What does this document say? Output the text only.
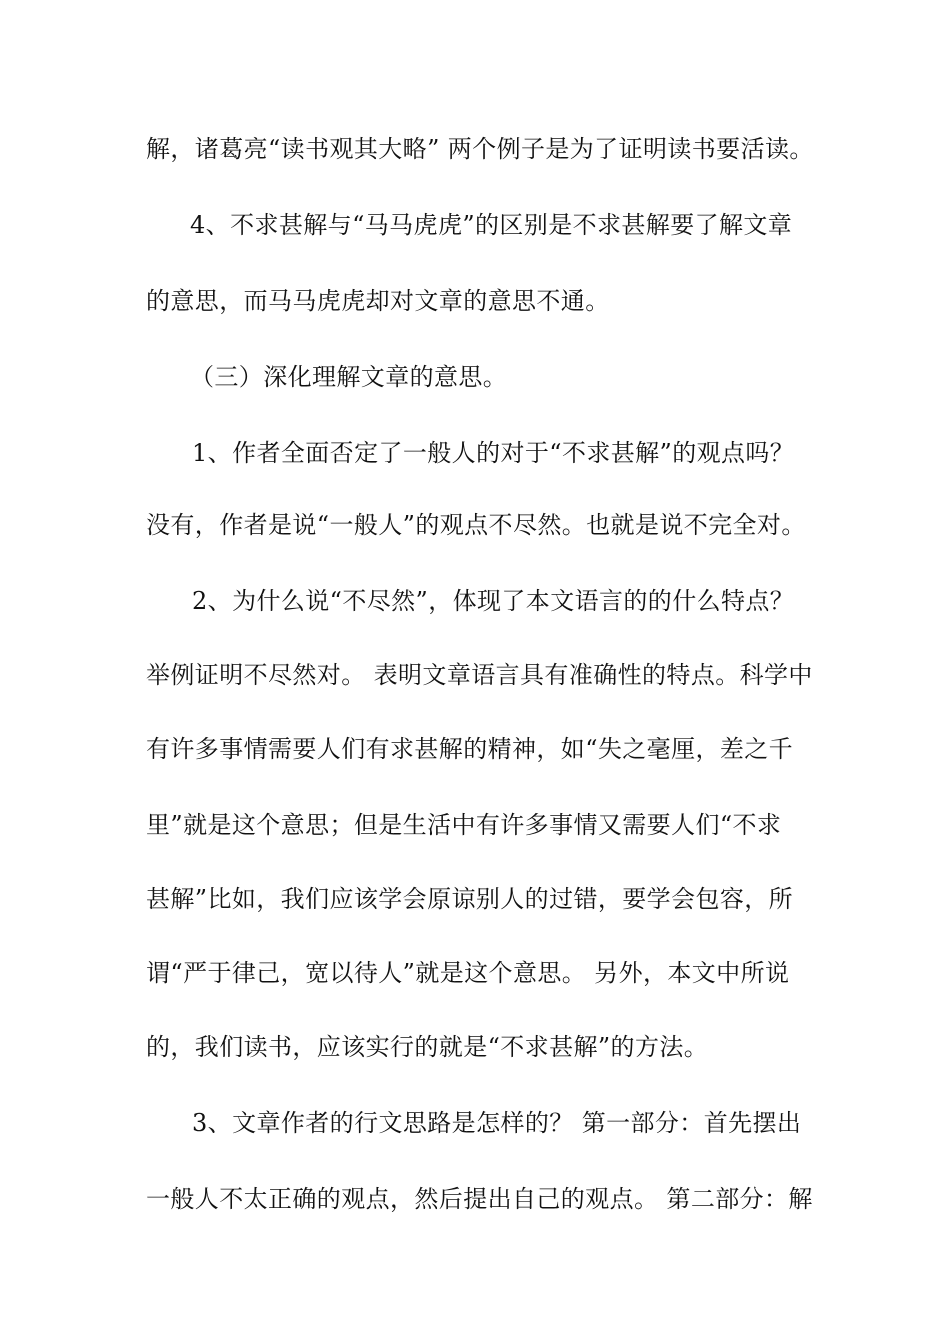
解，诸葛亮“读书观其大略” 两个例子是为了证明读书要活读。
4、不求甚解与“马马虎虎”的区别是不求甚解要了解文章
的意思，而马马虎虎却对文章的意思不通。
（三）深化理解文章的意思。
1、作者全面否定了一般人的对于“不求甚解”的观点吗？
没有，作者是说“一般人”的观点不尽然。也就是说不完全对。
2、为什么说“不尽然”，体现了本文语言的的什么特点？
举例证明不尽然对。 表明文章语言具有准确性的特点。科学中
有许多事情需要人们有求甚解的精神，如“失之毫厘，差之千
里”就是这个意思；但是生活中有许多事情又需要人们“不求
甚解”比如，我们应该学会原谅别人的过错，要学会包容，所
谓“严于律己，宽以待人”就是这个意思。 另外，本文中所说
的，我们读书，应该实行的就是“不求甚解”的方法。
3、文章作者的行文思路是怎样的？ 第一部分：首先摆出
一般人不太正确的观点，然后提出自己的观点。 第二部分：解
